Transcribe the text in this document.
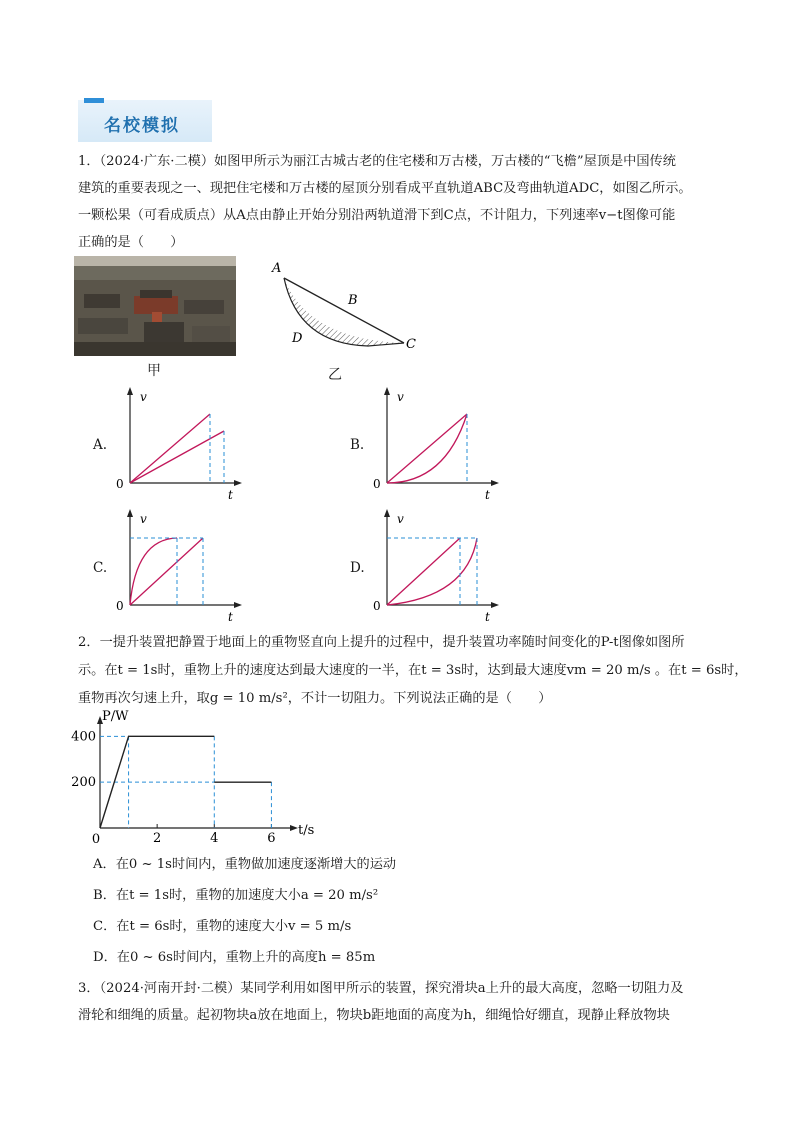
名校模拟
1．（2024·广东·二模）如图甲所示为丽江古城古老的住宅楼和万古楼，万古楼的“飞檐”屋顶是中国传统
建筑的重要表现之一、现把住宅楼和万古楼的屋顶分别看成平直轨道ABC及弯曲轨道ADC，如图乙所示。
一颗松果（可看成质点）从A点由静止开始分别沿两轨道滑下到C点，不计阻力，下列速率v−t图像可能
正确的是（　　）
甲	乙
A
B
C
D
A.	B.
C.	D.
v
t
0
v
t
0
v
t
0
v
t
0
2．一提升装置把静置于地面上的重物竖直向上提升的过程中，提升装置功率随时间变化的P-t图像如图所
示。在t = 1s时，重物上升的速度达到最大速度的一半，在t = 3s时，达到最大速度vm = 20 m/s 。在t = 6s时，
重物再次匀速上升，取g = 10 m/s²，不计一切阻力。下列说法正确的是（　　）
2	4	6
200
400
P/W
t/s
0
A．在0 ~ 1s时间内，重物做加速度逐渐增大的运动
B．在t = 1s时，重物的加速度大小a = 20 m/s²
C．在t = 6s时，重物的速度大小v = 5 m/s
D．在0 ~ 6s时间内，重物上升的高度h = 85m
3．（2024·河南开封·二模）某同学利用如图甲所示的装置，探究滑块a上升的最大高度，忽略一切阻力及
滑轮和细绳的质量。起初物块a放在地面上，物块b距地面的高度为h，细绳恰好绷直，现静止释放物块
